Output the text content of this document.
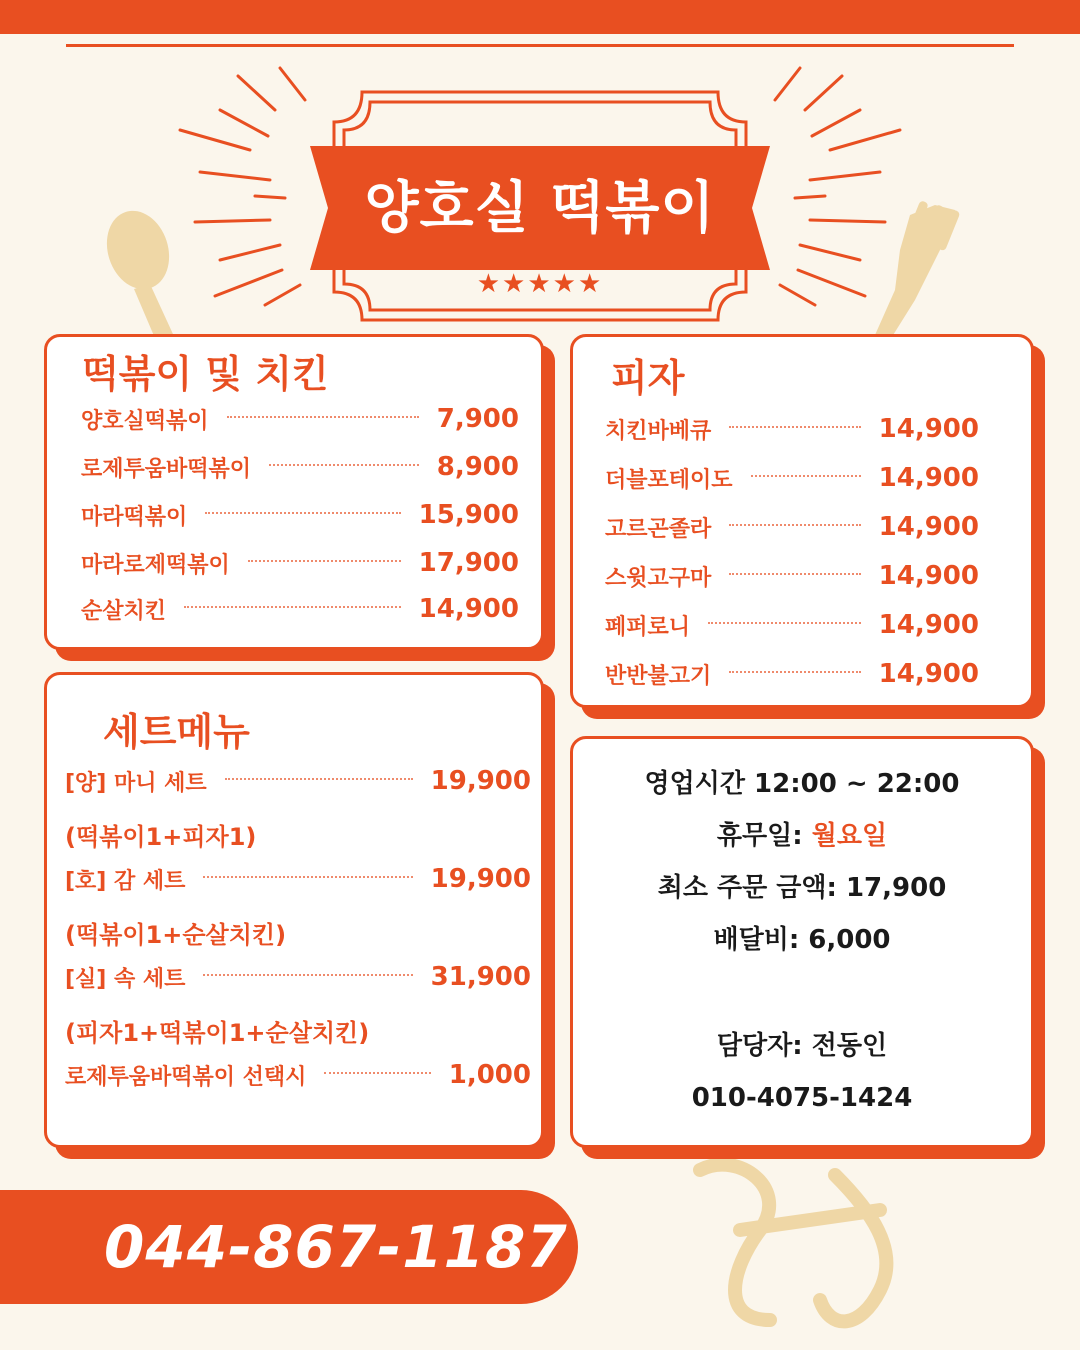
양호실 떡볶이
★★★★★
떡볶이 및 치킨
양호실떡볶이	7,900
로제투움바떡볶이	8,900
마라떡볶이	15,900
마라로제떡볶이	17,900
순살치킨	14,900
피자
치킨바베큐	14,900
더블포테이도	14,900
고르곤졸라	14,900
스윗고구마	14,900
페퍼로니	14,900
반반불고기	14,900
세트메뉴
[양] 마니 세트	19,900
(떡볶이1+피자1)
[호] 감 세트	19,900
(떡볶이1+순살치킨)
[실] 속 세트	31,900
(피자1+떡볶이1+순살치킨)
로제투움바떡볶이 선택시	1,000
영업시간 12:00 ~ 22:00
휴무일: 월요일
최소 주문 금액: 17,900
배달비: 6,000
담당자: 전동인
010-4075-1424
044-867-1187
